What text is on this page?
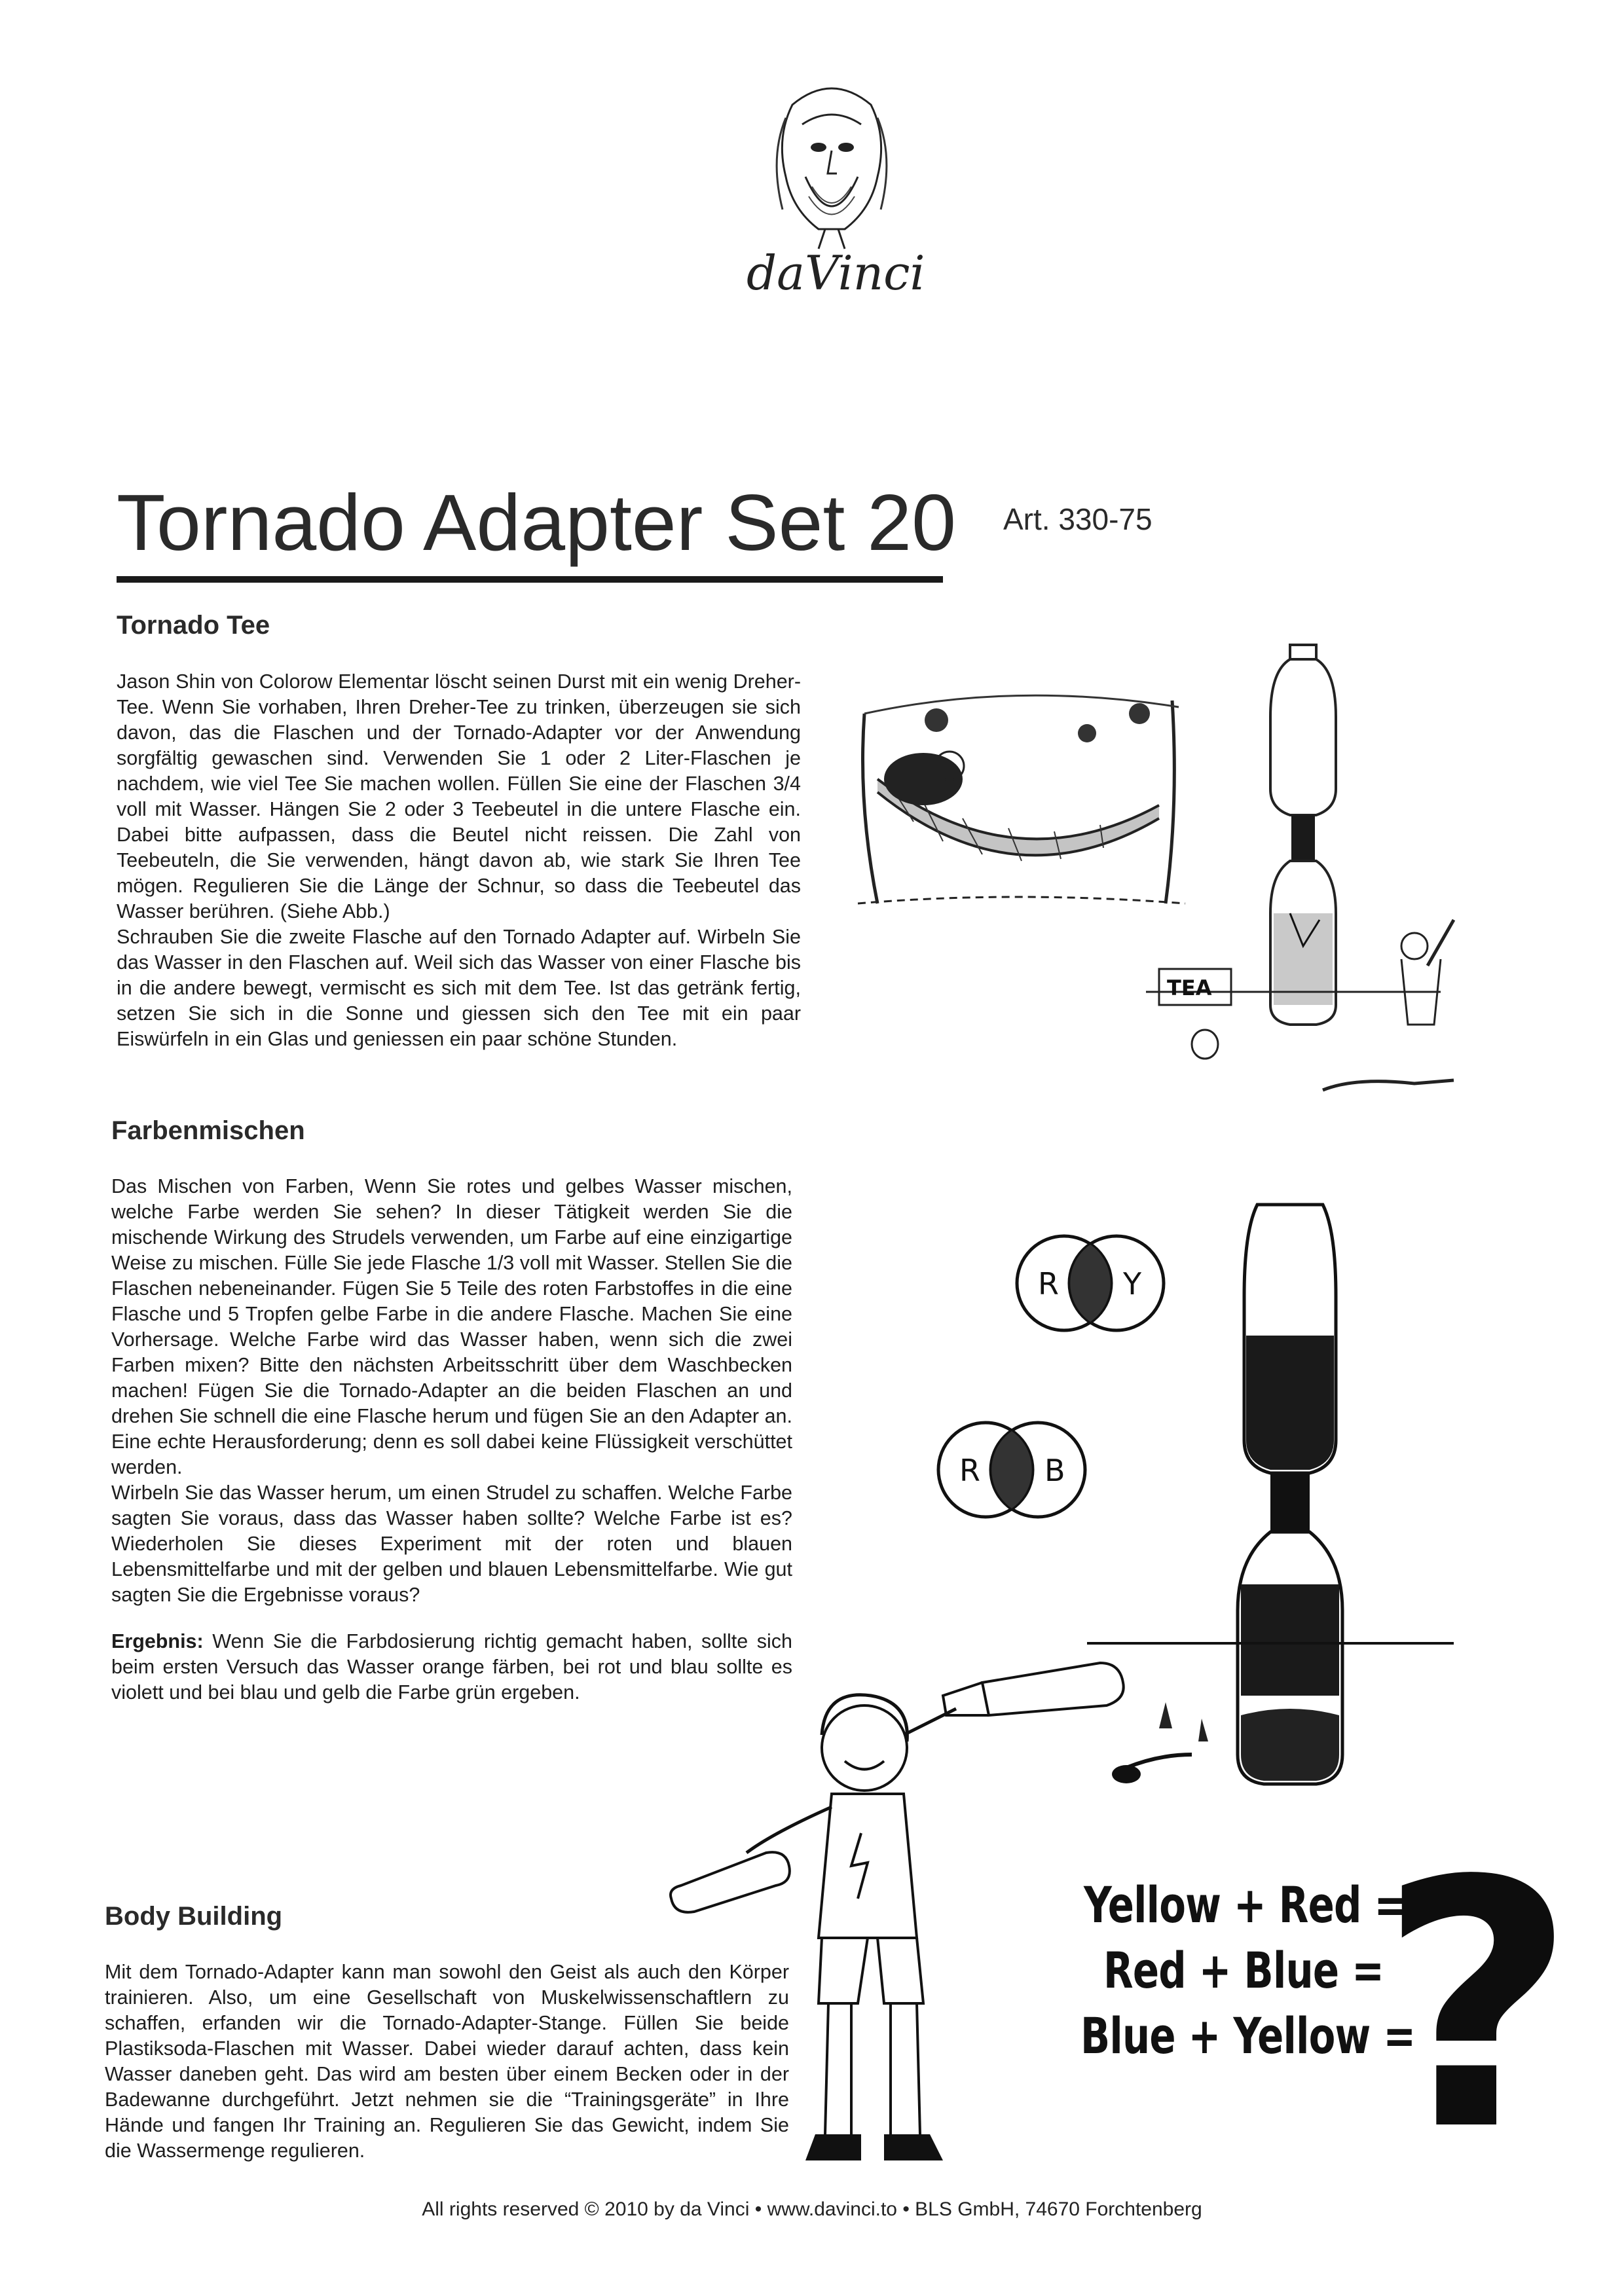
daVinci
Tornado Adapter Set 20 Art. 330-75
Tornado Tee

Jason Shin von Colorow Elementar löscht seinen Durst mit ein wenig Dreher-Tee. Wenn Sie vorhaben, Ihren Dreher-Tee zu trinken, überzeugen sie sich davon, das die Flaschen und der Tornado-Adapter vor der Anwendung sorgfältig gewaschen sind. Verwenden Sie 1 oder 2 Liter-Flaschen je nachdem, wie viel Tee Sie machen wollen. Füllen Sie eine der Flaschen 3/4 voll mit Wasser. Hängen Sie 2 oder 3 Teebeutel in die untere Flasche ein. Dabei bitte aufpassen, dass die Beutel nicht reissen. Die Zahl von Teebeuteln, die Sie verwenden, hängt davon ab, wie stark Sie Ihren Tee mögen. Regulieren Sie die Länge der Schnur, so dass die Teebeutel das Wasser berühren. (Siehe Abb.)

Schrauben Sie die zweite Flasche auf den Tornado Adapter auf. Wirbeln Sie das Wasser in den Flaschen auf. Weil sich das Wasser von einer Flasche bis in die andere bewegt, vermischt es sich mit dem Tee. Ist das getränk fertig, setzen Sie sich in die Sonne und giessen sich den Tee mit ein paar Eiswürfeln in ein Glas und geniessen ein paar schöne Stunden.

Farbenmischen

Das Mischen von Farben, Wenn Sie rotes und gelbes Wasser mischen, welche Farbe werden Sie sehen? In dieser Tätigkeit werden Sie die mischende Wirkung des Strudels verwenden, um Farbe auf eine einzigartige Weise zu mischen. Fülle Sie jede Flasche 1/3 voll mit Wasser. Stellen Sie die Flaschen nebeneinander. Fügen Sie 5 Teile des roten Farbstoffes in die eine Flasche und 5 Tropfen gelbe Farbe in die andere Flasche. Machen Sie eine Vorhersage. Welche Farbe wird das Wasser haben, wenn sich die zwei Farben mixen? Bitte den nächsten Arbeitsschritt über dem Waschbecken machen! Fügen Sie die Tornado-Adapter an die beiden Flaschen an und drehen Sie schnell die eine Flasche herum und fügen Sie an den Adapter an. Eine echte Herausforderung; denn es soll dabei keine Flüssigkeit verschüttet werden.

Wirbeln Sie das Wasser herum, um einen Strudel zu schaffen. Welche Farbe sagten Sie voraus, dass das Wasser haben sollte? Welche Farbe ist es? Wiederholen Sie dieses Experiment mit der roten und blauen Lebensmittelfarbe und mit der gelben und blauen Lebensmittelfarbe. Wie gut sagten Sie die Ergebnisse voraus?

Ergebnis: Wenn Sie die Farbdosierung richtig gemacht haben, sollte sich beim ersten Versuch das Wasser orange färben, bei rot und blau sollte es violett und bei blau und gelb die Farbe grün ergeben.

Body Building

Mit dem Tornado-Adapter kann man sowohl den Geist als auch den Körper trainieren. Also, um eine Gesellschaft von Muskelwissenschaftlern zu schaffen, erfanden wir die Tornado-Adapter-Stange. Füllen Sie beide Plastiksoda-Flaschen mit Wasser. Dabei wieder darauf achten, dass kein Wasser daneben geht. Das wird am besten über einem Becken oder in der Badewanne durchgeführt. Jetzt nehmen sie die “Trainingsgeräte” in Ihre Hände und fangen Ihr Training an. Regulieren Sie das Gewicht, indem Sie die Wassermenge regulieren.

TEA
R Y
R B
Yellow + Red =
Red + Blue =
Blue + Yellow =
?
All rights reserved © 2010 by da Vinci • www.davinci.to • BLS GmbH, 74670 Forchtenberg
